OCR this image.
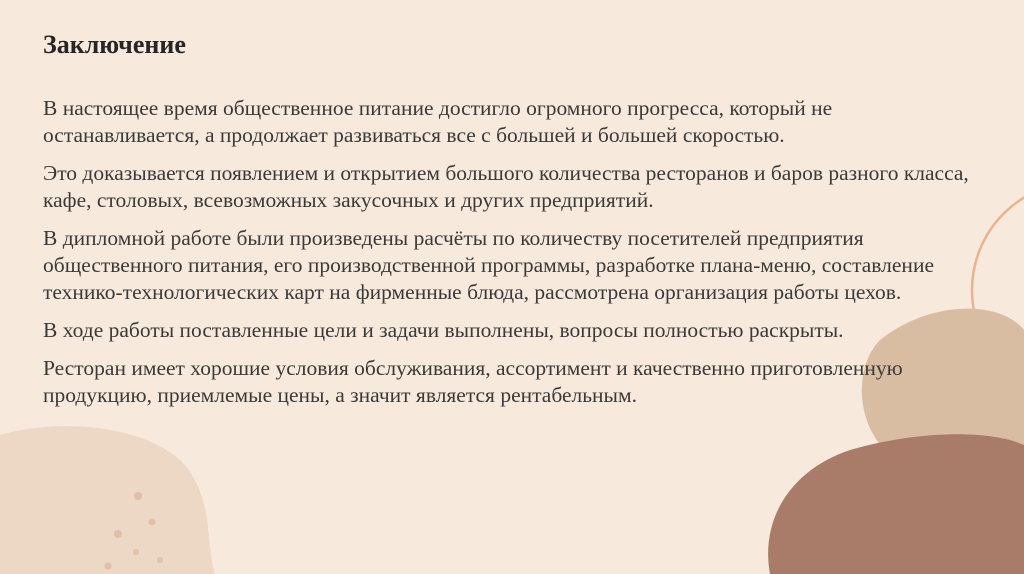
Заключение

В настоящее время общественное питание достигло огромного прогресса, который не останавливается, а продолжает развиваться все с большей и большей скоростью.

Это доказывается появлением и открытием большого количества ресторанов и баров разного класса, кафе, столовых, всевозможных закусочных и других предприятий.

В дипломной работе были произведены расчёты по количеству посетителей предприятия общественного питания, его производственной программы, разработке плана-меню, составление технико-технологических карт на фирменные блюда, рассмотрена организация работы цехов.

В ходе работы поставленные цели и задачи выполнены, вопросы полностью раскрыты.

Ресторан имеет хорошие условия обслуживания, ассортимент и качественно приготовленную продукцию, приемлемые цены, а значит является рентабельным.
